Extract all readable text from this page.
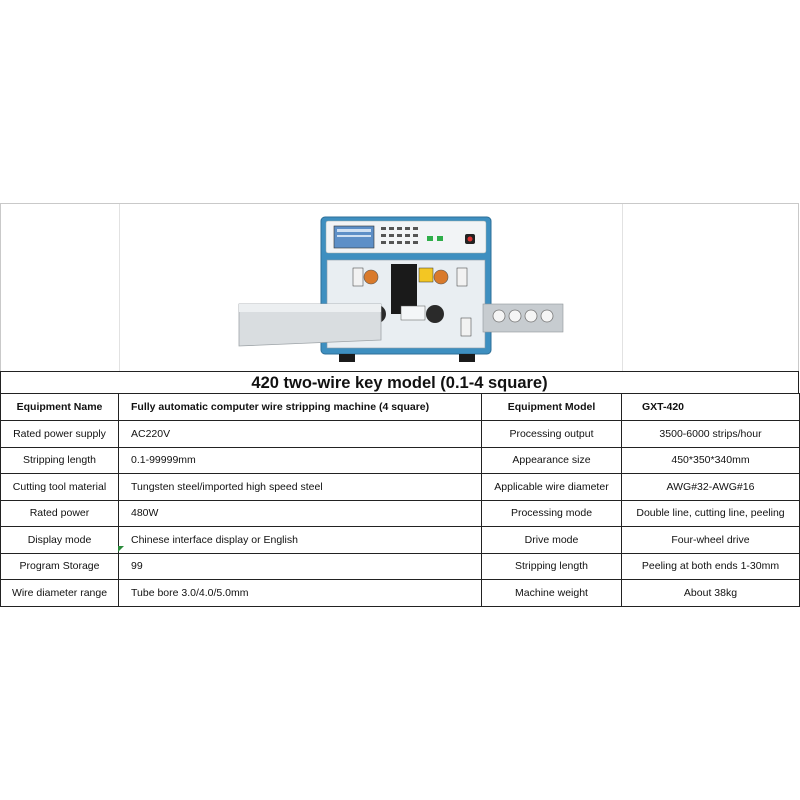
420 two-wire key model (0.1-4 square)
Equipment Name	Fully automatic computer wire stripping machine (4 square)	Equipment Model	GXT-420
Rated power supply	AC220V	Processing output	3500-6000 strips/hour
Stripping length	0.1-99999mm	Appearance size	450*350*340mm
Cutting tool material	Tungsten steel/imported high speed steel	Applicable wire diameter	AWG#32-AWG#16
Rated power	480W	Processing mode	Double line, cutting line, peeling
Display mode	Chinese interface display or English	Drive mode	Four-wheel drive
Program Storage	99	Stripping length	Peeling at both ends 1-30mm
Wire diameter range	Tube bore 3.0/4.0/5.0mm	Machine weight	About 38kg
